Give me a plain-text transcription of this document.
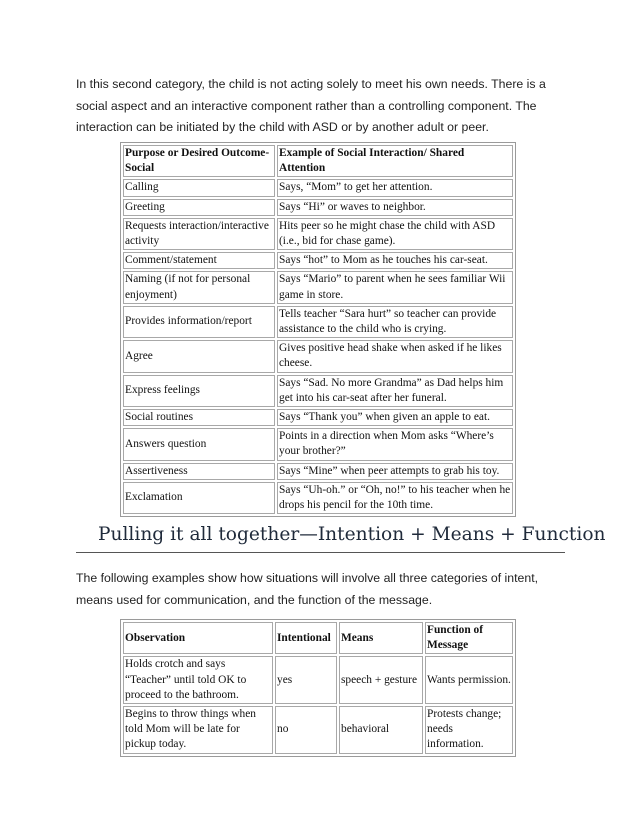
In this second category, the child is not acting solely to meet his own needs. There is a social aspect and an interactive component rather than a controlling component. The interaction can be initiated by the child with ASD or by another adult or peer.

Purpose or Desired Outcome-Social	Example of Social Interaction/ Shared Attention
Calling	Says, “Mom” to get her attention.
Greeting	Says “Hi” or waves to neighbor.
Requests interaction/interactive activity	Hits peer so he might chase the child with ASD (i.e., bid for chase game).
Comment/statement	Says “hot” to Mom as he touches his car-seat.
Naming (if not for personal enjoyment)	Says “Mario” to parent when he sees familiar Wii game in store.
Provides information/report	Tells teacher “Sara hurt” so teacher can provide assistance to the child who is crying.
Agree	Gives positive head shake when asked if he likes cheese.
Express feelings	Says “Sad. No more Grandma” as Dad helps him get into his car-seat after her funeral.
Social routines	Says “Thank you” when given an apple to eat.
Answers question	Points in a direction when Mom asks “Where’s your brother?”
Assertiveness	Says “Mine” when peer attempts to grab his toy.
Exclamation	Says “Uh-oh.” or “Oh, no!” to his teacher when he drops his pencil for the 10th time.
Pulling it all together—Intention + Means + Function

The following examples show how situations will involve all three categories of intent, means used for communication, and the function of the message.

Observation	Intentional	Means	Function of Message
Holds crotch and says “Teacher” until told OK to proceed to the bathroom.	yes	speech + gesture	Wants permission.
Begins to throw things when told Mom will be late for pickup today.	no	behavioral	Protests change; needs information.
